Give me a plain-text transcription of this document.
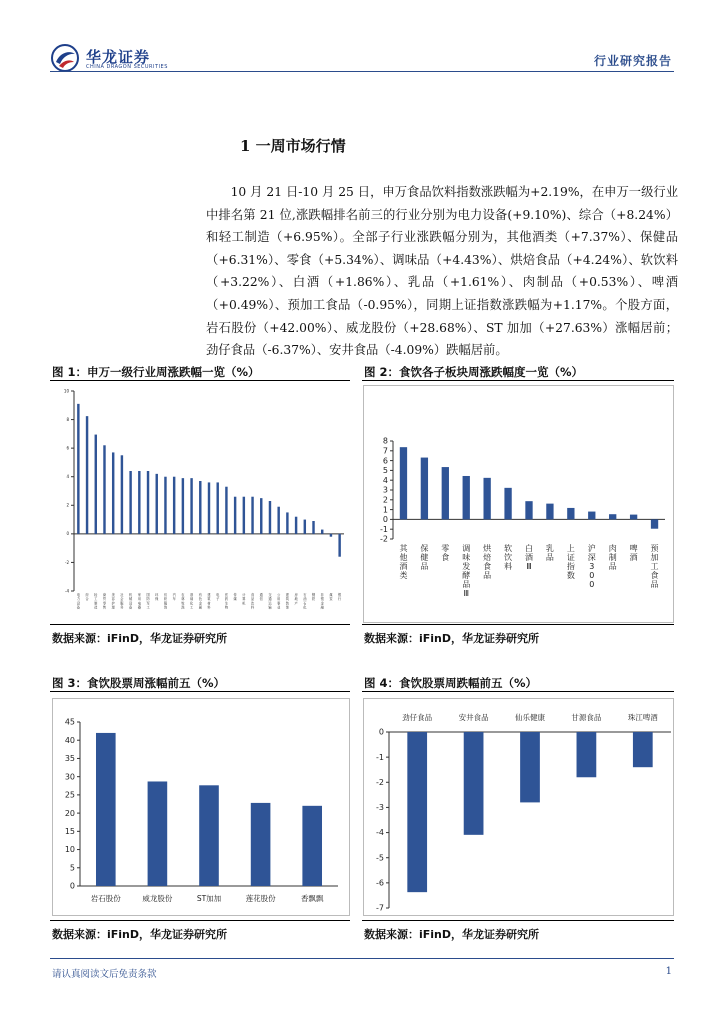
华龙证券
CHINA DRAGON SECURITIES	行业研究报告
1 一周市场行情

10 月 21 日-10 月 25 日，申万食品饮料指数涨跌幅为+2.19%，在申万一级行业中排名第 21 位,涨跌幅排名前三的行业分别为电力设备(+9.10%)、综合（+8.24%）和轻工制造（+6.95%）。全部子行业涨跌幅分别为，其他酒类（+7.37%）、保健品（+6.31%）、零食（+5.34%）、调味品（+4.43%）、烘焙食品（+4.24%）、软饮料（+3.22%）、白酒（+1.86%）、乳品（+1.61%）、肉制品（+0.53%）、啤酒（+0.49%）、预加工食品（-0.95%），同期上证指数涨跌幅为+1.17%。个股方面，岩石股份（+42.00%）、威龙股份（+28.68%）、ST 加加（+27.63%）涨幅居前；劲仔食品（-6.37%）、安井食品（-4.09%）跌幅居前。

图 1：申万一级行业周涨跌幅一览（%）	图 2：食饮各子板块周涨跌幅度一览（%）
-4
-2
0
2
4
6
8
10
电力设备
综合
轻工制造
商贸零售
美容护理
社会服务
机械设备
家用电器
国防军工
环保
纺织服饰
汽车
农林牧渔
基础化工
有色金属
建筑材料
电子
医药生物
传媒
计算机
食品饮料
通信
交通运输
公用事业
建筑装饰
房地产
石油石化
钢铁
非银金融
煤炭
银行
-2
-1
0
1
2
3
4
5
6
7
8
其他酒类
保健品
零食
调味发酵品 Ⅲ
烘焙食品
软饮料
白酒 Ⅲ
乳品
上证指数
沪深 3 0 0
肉制品
啤酒
预加工食品
数据来源：iFinD，华龙证券研究所	数据来源：iFinD，华龙证券研究所
图 3：食饮股票周涨幅前五（%）	图 4：食饮股票周跌幅前五（%）
0
5
10
15
20
25
30
35
40
45
岩石股份	威龙股份	ST加加	莲花股份	香飘飘
-7
-6
-5
-4
-3
-2
-1
0
劲仔食品	安井食品	仙乐健康	甘源食品	珠江啤酒
数据来源：iFinD，华龙证券研究所	数据来源：iFinD，华龙证券研究所
请认真阅读文后免责条款	1
